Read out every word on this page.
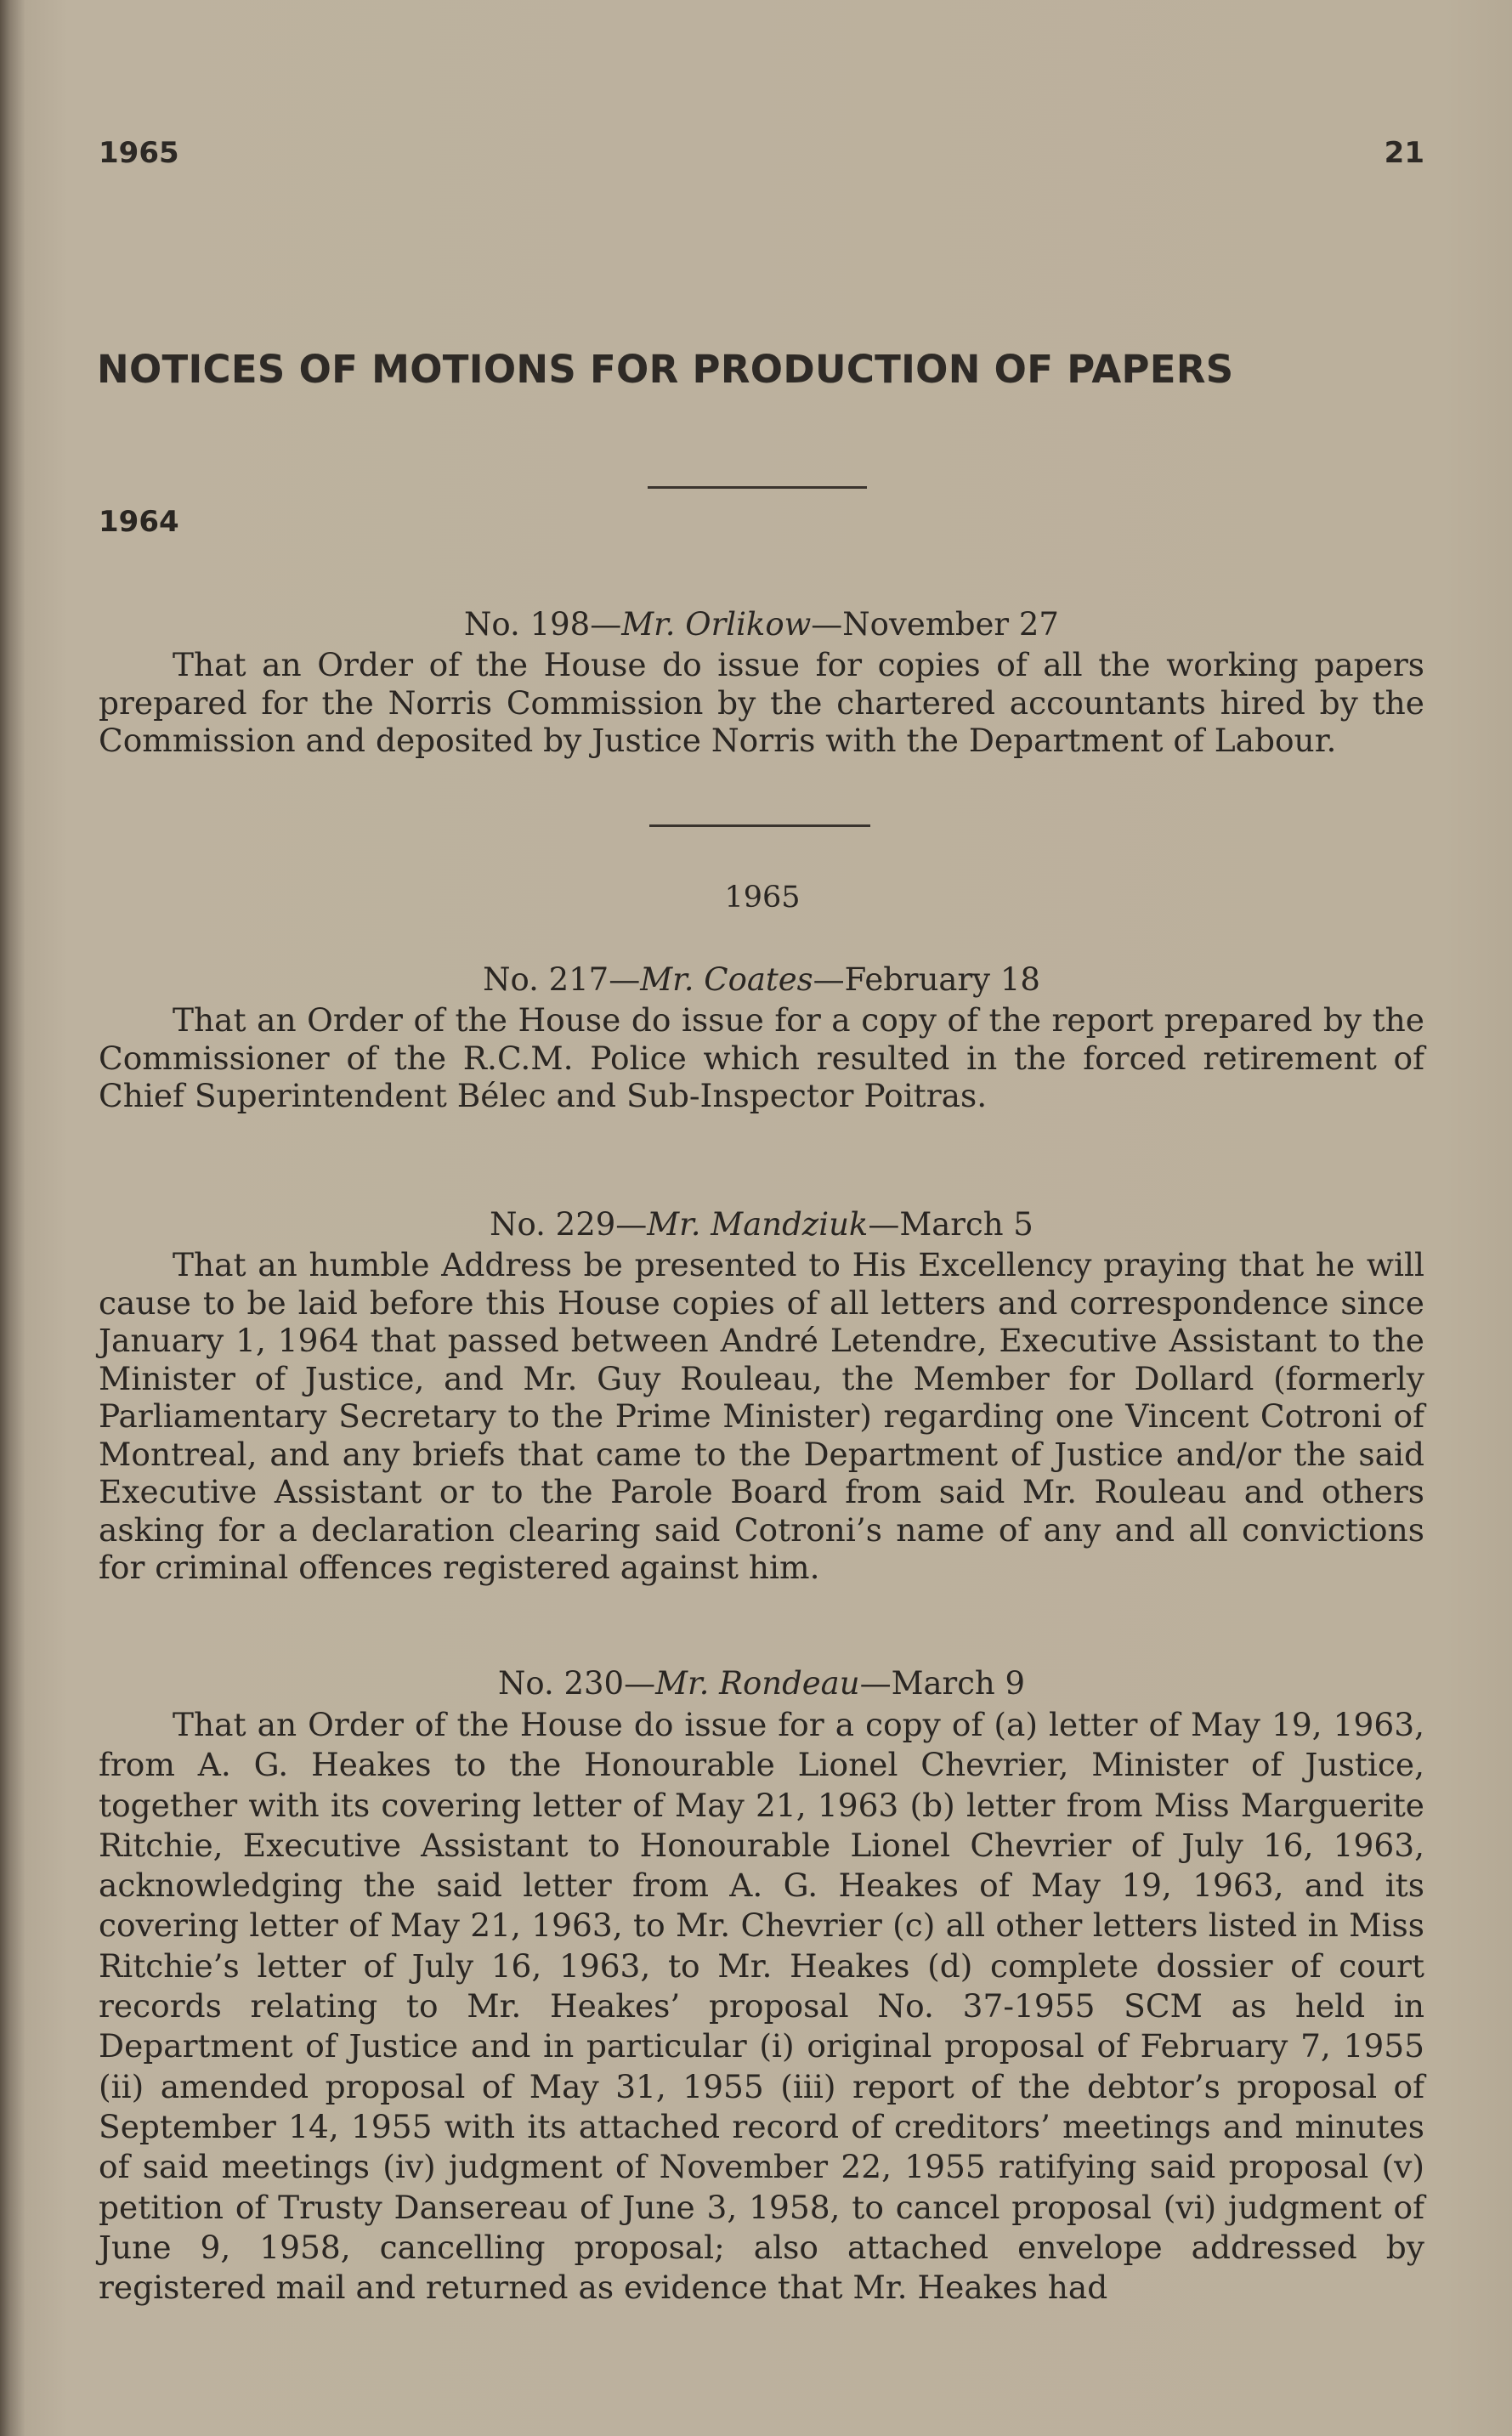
1965	21
NOTICES OF MOTIONS FOR PRODUCTION OF PAPERS
1964
No. 198—Mr. Orlikow—November 27
That an Order of the House do issue for copies of all the working papers prepared for the Norris Commission by the chartered accountants hired by the Commission and deposited by Justice Norris with the Department of Labour.
1965
No. 217—Mr. Coates—February 18
That an Order of the House do issue for a copy of the report prepared by the Commissioner of the R.C.M. Police which resulted in the forced retirement of Chief Superintendent Bélec and Sub-Inspector Poitras.
No. 229—Mr. Mandziuk—March 5
That an humble Address be presented to His Excellency praying that he will cause to be laid before this House copies of all letters and correspondence since January 1, 1964 that passed between André Letendre, Executive Assistant to the Minister of Justice, and Mr. Guy Rouleau, the Member for Dollard (formerly Parliamentary Secretary to the Prime Minister) regarding one Vincent Cotroni of Montreal, and any briefs that came to the Department of Justice and/or the said Executive Assistant or to the Parole Board from said Mr. Rouleau and others asking for a declaration clearing said Cotroni’s name of any and all convictions for criminal offences registered against him.
No. 230—Mr. Rondeau—March 9
That an Order of the House do issue for a copy of (a) letter of May 19, 1963, from A. G. Heakes to the Honourable Lionel Chevrier, Minister of Justice, together with its covering letter of May 21, 1963 (b) letter from Miss Marguerite Ritchie, Executive Assistant to Honourable Lionel Chevrier of July 16, 1963, acknowledging the said letter from A. G. Heakes of May 19, 1963, and its covering letter of May 21, 1963, to Mr. Chevrier (c) all other letters listed in Miss Ritchie’s letter of July 16, 1963, to Mr. Heakes (d) complete dossier of court records relating to Mr. Heakes’ proposal No. 37-1955 SCM as held in Department of Justice and in particular (i) original proposal of February 7, 1955 (ii) amended proposal of May 31, 1955 (iii) report of the debtor’s proposal of September 14, 1955 with its attached record of creditors’ meetings and minutes of said meetings (iv) judgment of November 22, 1955 ratifying said proposal (v) petition of Trusty Dansereau of June 3, 1958, to cancel proposal (vi) judgment of June 9, 1958, cancelling proposal; also attached envelope addressed by registered mail and returned as evidence that Mr. Heakes had
